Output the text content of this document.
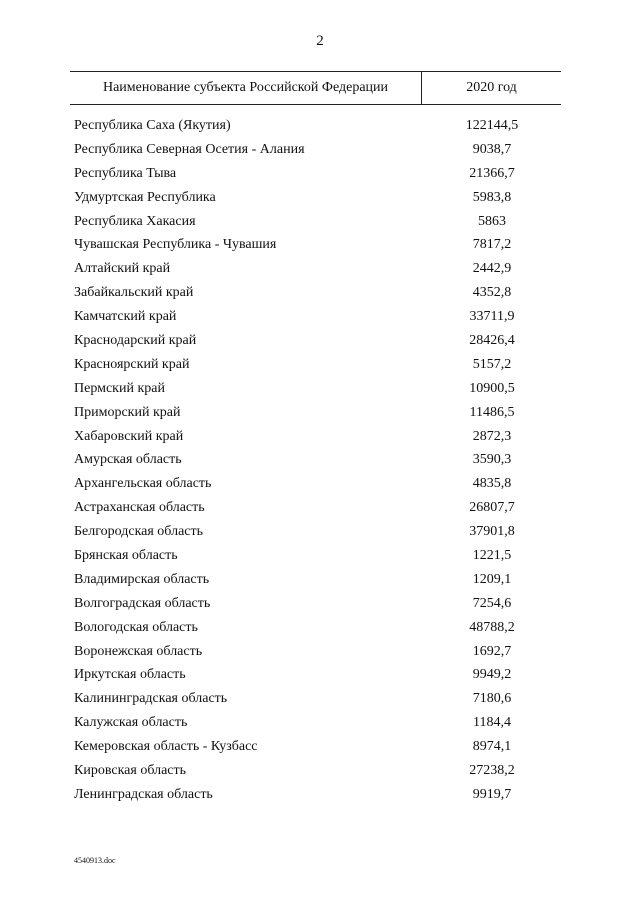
2
Наименование субъекта Российской Федерации	2020 год
Республика Саха (Якутия)	122144,5
Республика Северная Осетия - Алания	9038,7
Республика Тыва	21366,7
Удмуртская Республика	5983,8
Республика Хакасия	5863
Чувашская Республика - Чувашия	7817,2
Алтайский край	2442,9
Забайкальский край	4352,8
Камчатский край	33711,9
Краснодарский край	28426,4
Красноярский край	5157,2
Пермский край	10900,5
Приморский край	11486,5
Хабаровский край	2872,3
Амурская область	3590,3
Архангельская область	4835,8
Астраханская область	26807,7
Белгородская область	37901,8
Брянская область	1221,5
Владимирская область	1209,1
Волгоградская область	7254,6
Вологодская область	48788,2
Воронежская область	1692,7
Иркутская область	9949,2
Калининградская область	7180,6
Калужская область	1184,4
Кемеровская область - Кузбасс	8974,1
Кировская область	27238,2
Ленинградская область	9919,7
4540913.doc
